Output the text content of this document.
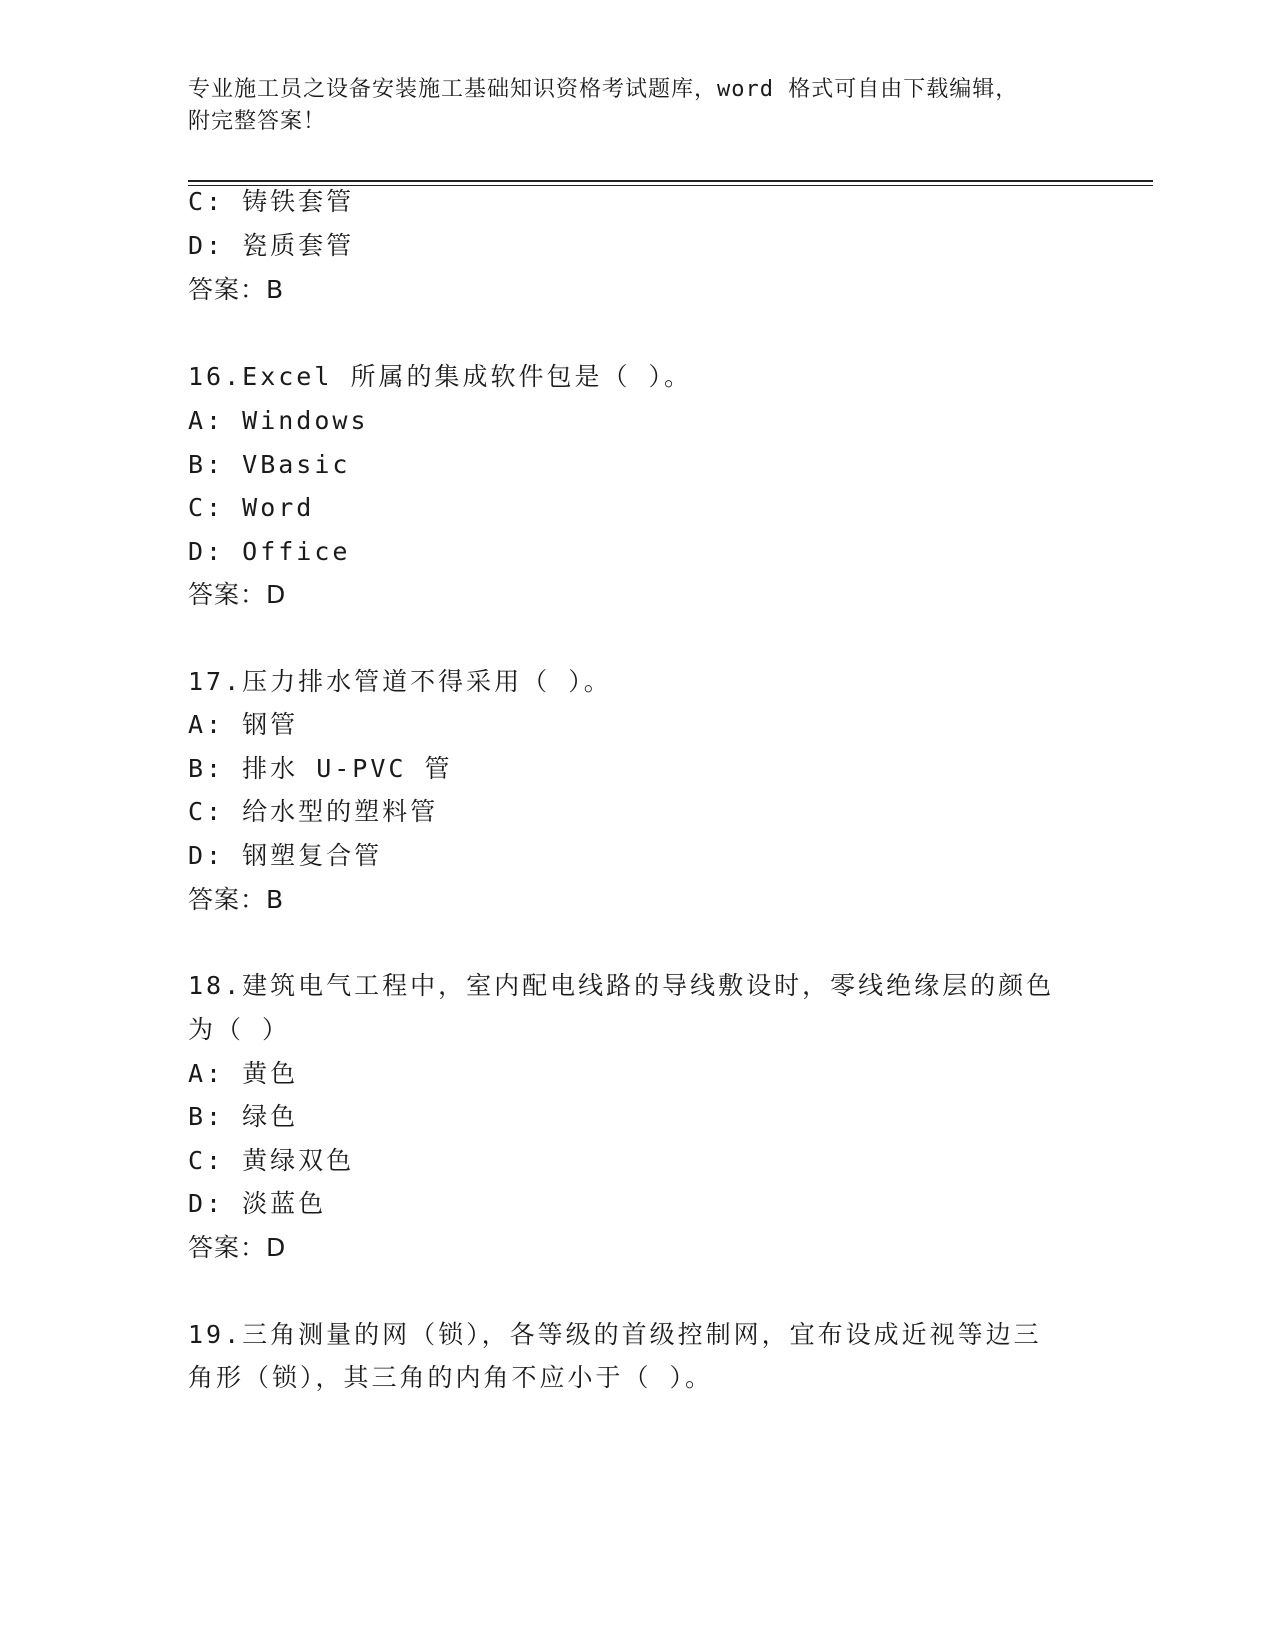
专业施工员之设备安装施工基础知识资格考试题库，word 格式可自由下载编辑，
附完整答案！
C: 铸铁套管
D: 瓷质套管
答案：B
16.Excel 所属的集成软件包是（ ）。
A: Windows
B: VBasic
C: Word
D: Office
答案：D
17.压力排水管道不得采用（ ）。
A: 钢管
B: 排水 U-PVC 管
C: 给水型的塑料管
D: 钢塑复合管
答案：B
18.建筑电气工程中，室内配电线路的导线敷设时，零线绝缘层的颜色
为（ ）
A: 黄色
B: 绿色
C: 黄绿双色
D: 淡蓝色
答案：D
19.三角测量的网（锁），各等级的首级控制网，宜布设成近视等边三
角形（锁），其三角的内角不应小于（ ）。
